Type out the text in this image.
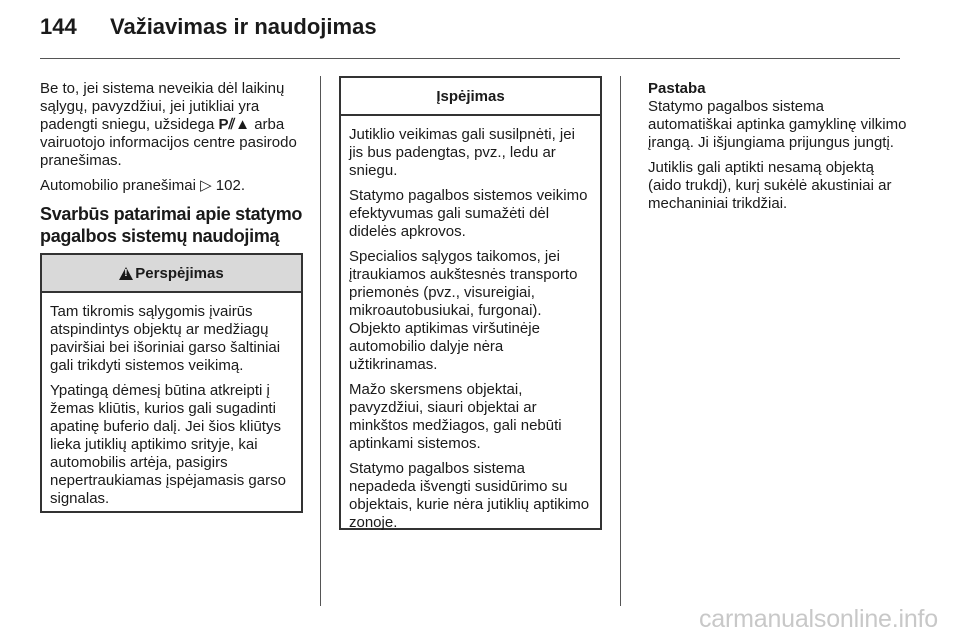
144 Važiavimas ir naudojimas

Be to, jei sistema neveikia dėl laikinų sąlygų, pavyzdžiui, jei jutikliai yra padengti sniegu, užsidega P⫽▲ arba vairuotojo informacijos centre pasirodo pranešimas.

Automobilio pranešimai ▷ 102.

Svarbūs patarimai apie statymo pagalbos sistemų naudojimą
!
Perspėjimas

Tam tikromis sąlygomis įvairūs atspindintys objektų ar medžiagų paviršiai bei išoriniai garso šaltiniai gali trikdyti sistemos veikimą.

Ypatingą dėmesį būtina atkreipti į žemas kliūtis, kurios gali sugadinti apatinę buferio dalį. Jei šios kliūtys lieka jutiklių aptikimo srityje, kai automobilis artėja, pasigirs nepertraukiamas įspėjamasis garso signalas.

Įspėjimas

Jutiklio veikimas gali susilpnėti, jei jis bus padengtas, pvz., ledu ar sniegu.

Statymo pagalbos sistemos veikimo efektyvumas gali sumažėti dėl didelės apkrovos.

Specialios sąlygos taikomos, jei įtraukiamos aukštesnės transporto priemonės (pvz., visureigiai, mikroautobusiukai, furgonai). Objekto aptikimas viršutinėje automobilio dalyje nėra užtikrinamas.

Mažo skersmens objektai, pavyzdžiui, siauri objektai ar minkštos medžiagos, gali nebūti aptinkami sistemos.

Statymo pagalbos sistema nepadeda išvengti susidūrimo su objektais, kurie nėra jutiklių aptikimo zonoje.

Pastaba

Statymo pagalbos sistema automatiškai aptinka gamyklinę vilkimo įrangą. Ji išjungiama prijungus jungtį.

Jutiklis gali aptikti nesamą objektą (aido trukdį), kurį sukėlė akustiniai ar mechaniniai trikdžiai.

carmanualsonline.info
